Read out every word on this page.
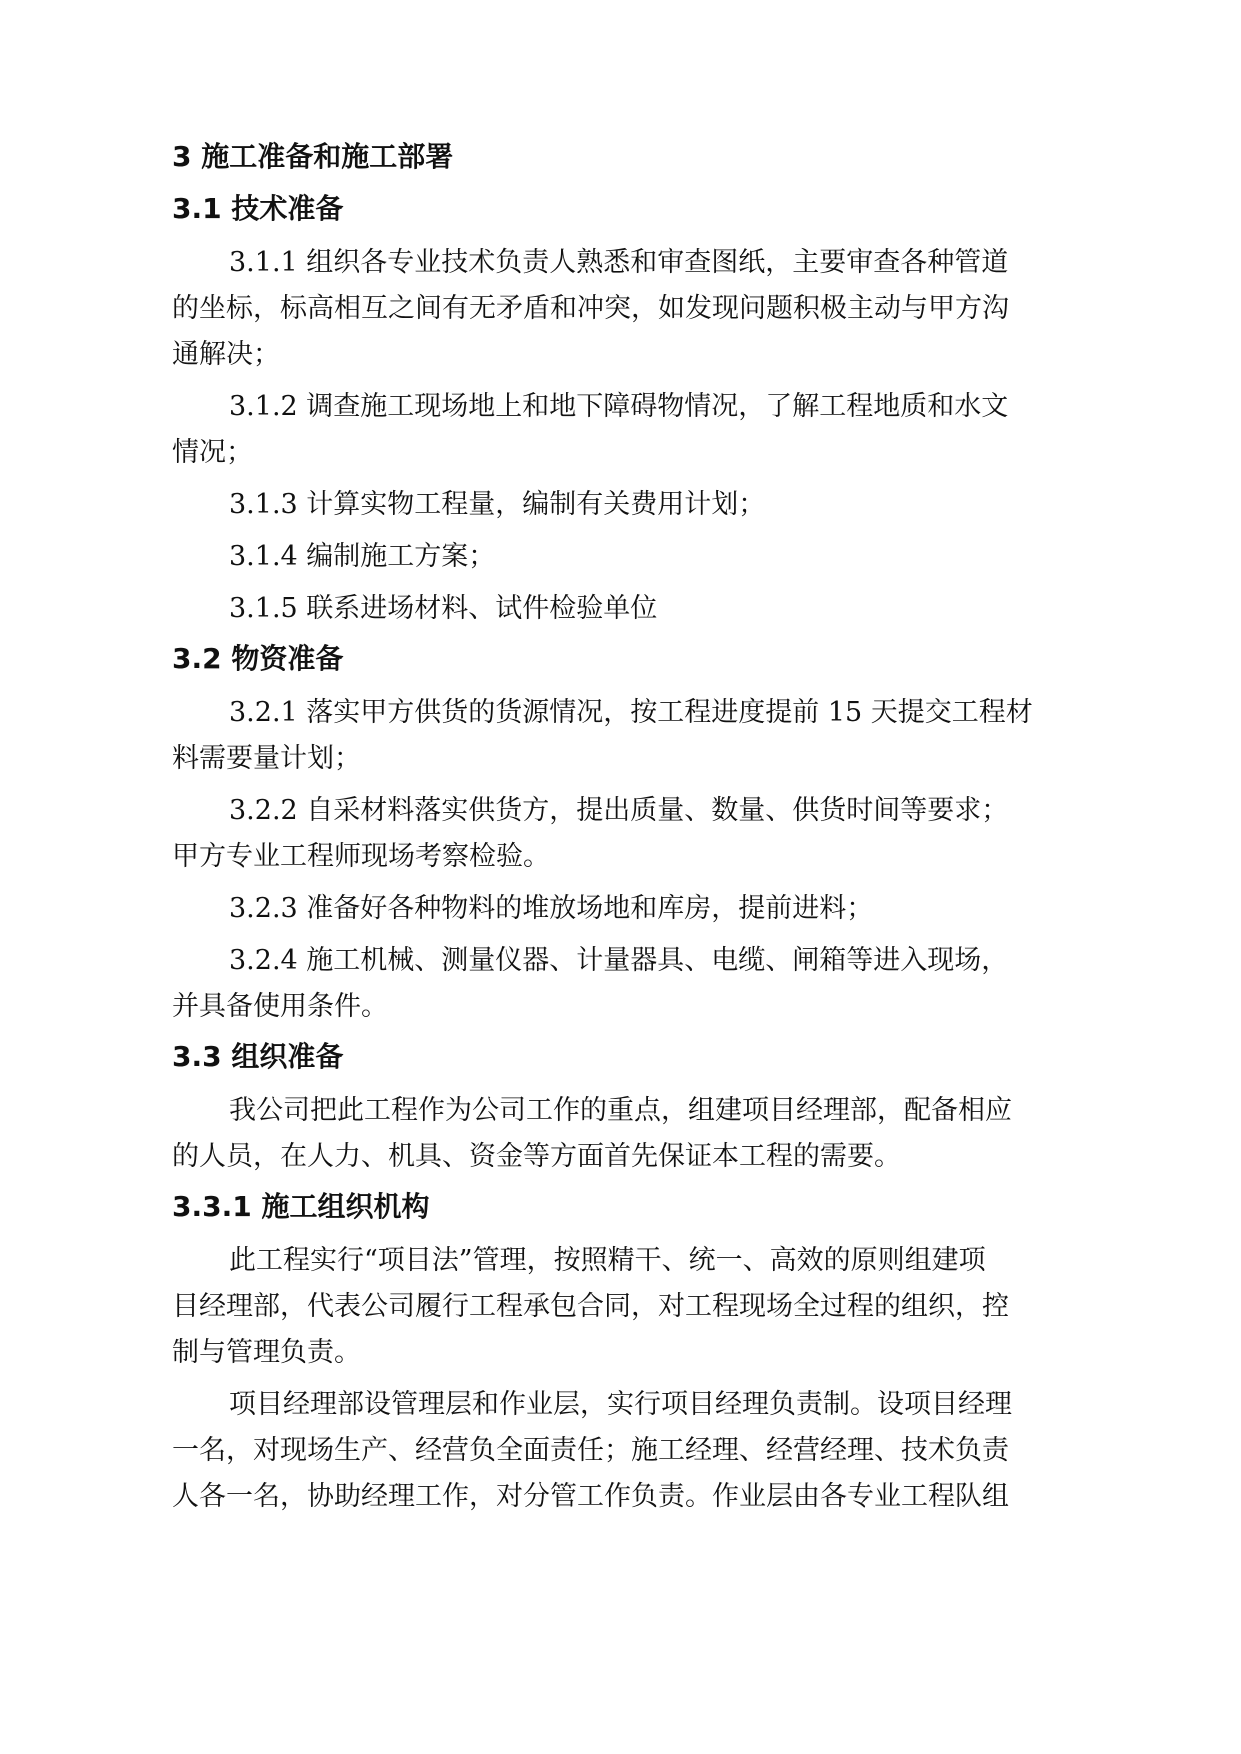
3 施工准备和施工部署
3.1 技术准备
3.1.1 组织各专业技术负责人熟悉和审查图纸，主要审查各种管道
的坐标，标高相互之间有无矛盾和冲突，如发现问题积极主动与甲方沟
通解决；
3.1.2 调查施工现场地上和地下障碍物情况，了解工程地质和水文
情况；
3.1.3 计算实物工程量，编制有关费用计划；
3.1.4 编制施工方案；
3.1.5 联系进场材料、试件检验单位
3.2 物资准备
3.2.1 落实甲方供货的货源情况，按工程进度提前 15 天提交工程材
料需要量计划；
3.2.2 自采材料落实供货方，提出质量、数量、供货时间等要求；
甲方专业工程师现场考察检验。
3.2.3 准备好各种物料的堆放场地和库房，提前进料；
3.2.4 施工机械、测量仪器、计量器具、电缆、闸箱等进入现场，
并具备使用条件。
3.3 组织准备
我公司把此工程作为公司工作的重点，组建项目经理部，配备相应
的人员，在人力、机具、资金等方面首先保证本工程的需要。
3.3.1 施工组织机构
此工程实行“项目法”管理，按照精干、统一、高效的原则组建项
目经理部，代表公司履行工程承包合同，对工程现场全过程的组织，控
制与管理负责。
项目经理部设管理层和作业层，实行项目经理负责制。设项目经理
一名，对现场生产、经营负全面责任；施工经理、经营经理、技术负责
人各一名，协助经理工作，对分管工作负责。作业层由各专业工程队组
